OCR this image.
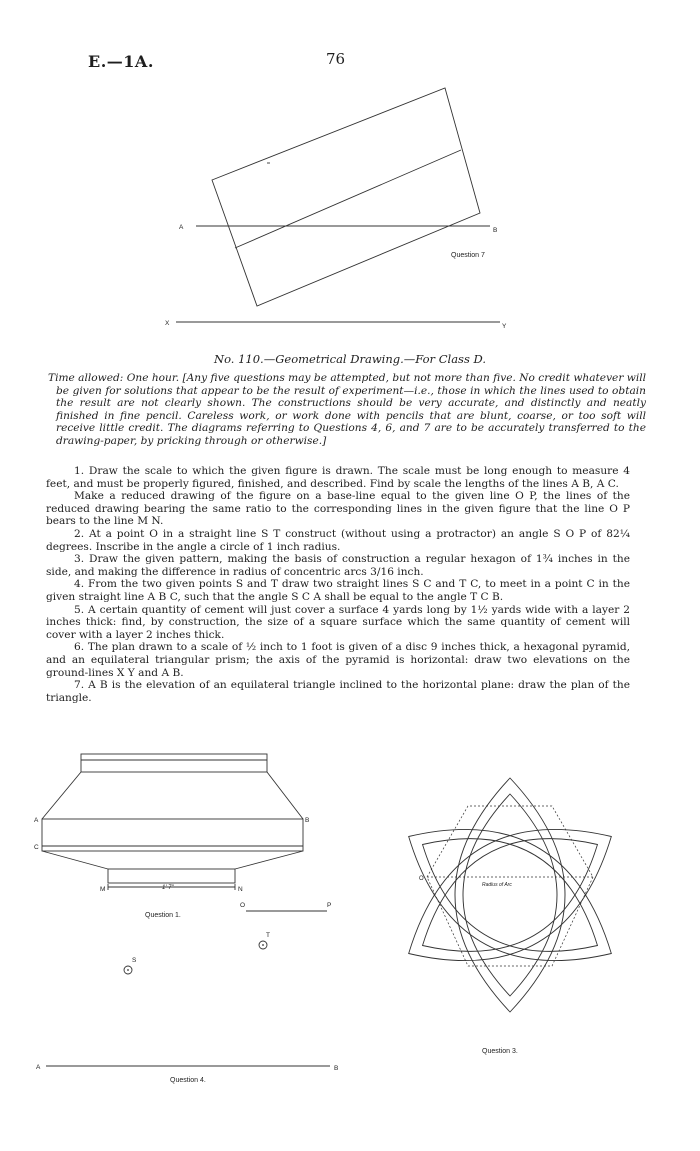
E.—1A.	76
A	B
X	Y
Question 7
A	B
C
M	N
1' 7"
O	P
Question 1.
T
S
A	B
Question 4.
O
Radius of Arc
Question 3.
No. 110.—Geometrical Drawing.—For Class D.
Time allowed: One hour. [Any five questions may be attempted, but not more than five. No credit whatever will be given for solutions that appear to be the result of experiment—i.e., those in which the lines used to obtain the result are not clearly shown. The constructions should be very accurate, and distinctly and neatly finished in fine pencil. Careless work, or work done with pencils that are blunt, coarse, or too soft will receive little credit. The diagrams referring to Questions 4, 6, and 7 are to be accurately transferred to the drawing-paper, by pricking through or otherwise.]

1. Draw the scale to which the given figure is drawn. The scale must be long enough to measure 4 feet, and must be properly figured, finished, and described. Find by scale the lengths of the lines A B, A C.

Make a reduced drawing of the figure on a base-line equal to the given line O P, the lines of the reduced drawing bearing the same ratio to the corresponding lines in the given figure that the line O P bears to the line M N.

2. At a point O in a straight line S T construct (without using a protractor) an angle S O P of 82¼ degrees. Inscribe in the angle a circle of 1 inch radius.

3. Draw the given pattern, making the basis of construction a regular hexagon of 1¾ inches in the side, and making the difference in radius of concentric arcs 3/16 inch.

4. From the two given points S and T draw two straight lines S C and T C, to meet in a point C in the given straight line A B C, such that the angle S C A shall be equal to the angle T C B.

5. A certain quantity of cement will just cover a surface 4 yards long by 1½ yards wide with a layer 2 inches thick: find, by construction, the size of a square surface which the same quantity of cement will cover with a layer 2 inches thick.

6. The plan drawn to a scale of ½ inch to 1 foot is given of a disc 9 inches thick, a hexagonal pyramid, and an equilateral triangular prism; the axis of the pyramid is horizontal: draw two elevations on the ground-lines X Y and A B.

7. A B is the elevation of an equilateral triangle inclined to the horizontal plane: draw the plan of the triangle.
